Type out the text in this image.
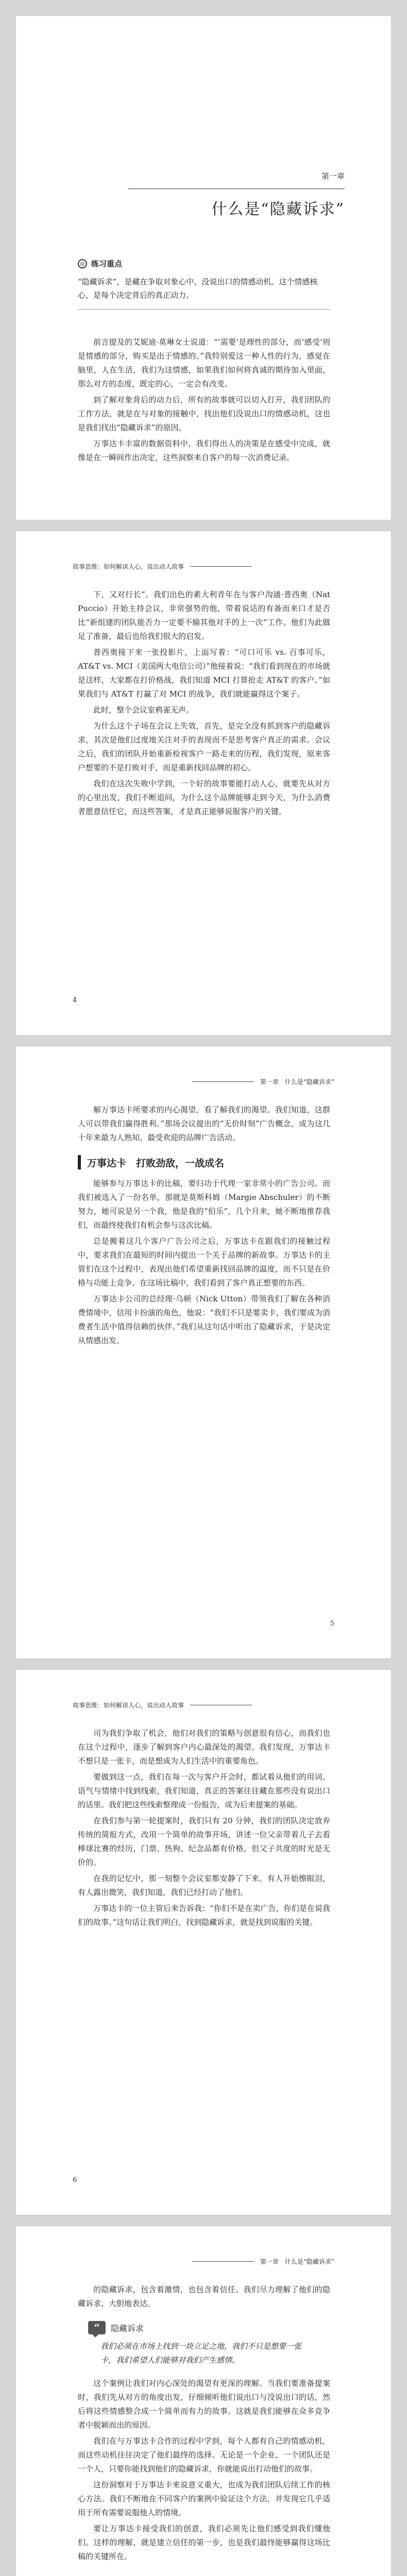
第一章
什么是“隐藏诉求”
◎ 练习重点
“隐藏诉求”，是藏在争取对象心中、没说出口的情感动机。这个情感核心，是每个决定背后的真正动力。

前言提及的艾妮迪·莫琳女士说道：“‘需要’是理性的部分，而‘感受’则是情感的部分，购买是出于情感的。”我特别爱这一种人性的行为，感觉在脑里，人在生活，我们为这情感，如果我们如何将真诚的期待加入里面，那么对方的态度，既定的心，一定会有改变。

到了解对象背后的动力后，所有的故事就可以切入打开，我们团队的工作方法，就是在与对象的接触中，找出他们没说出口的情感动机，这也是我们找出“隐藏诉求”的原因。

万事达卡丰富的数据资料中，我们得出人的决策是在感受中完成，就像是在一瞬间作出决定，这些洞察来自客户的每一次消费记录。

故事思维：如何解读人心，说出动人故事

下，又对行长”。我们出色的素大利青年在与客户沟通·普西奥（Nat Puccio）开始主持会议，非常强势的他，带着说话的有备而来口才是否比“新组建的团队能否力一定要不输其他对手的上一次”工作。他们为此做足了准备，最后也给我们很大的启发。

普西奥接下来一张投影片，上面写着：“可口可乐 vs. 百事可乐，AT&T vs. MCI（美国两大电信公司）”他接着说：“我们看到现在的市场就是这样，大家都在打价格战，我们知道 MCI 打算抢走 AT&T 的客户。”如果我们与 AT&T 打赢了对 MCI 的战争，我们就能赢得这个案子。

此时，整个会议室鸦雀无声。

为什么这个子场在会议上失效，首先，是完全没有抓到客户的隐藏诉求，其次是他们过度地关注对手的表现而不是思考客户真正的需求。会议之后，我们的团队开始重新检视客户一路走来的历程，我们发现，原来客户想要的不是打败对手，而是重新找回品牌的初心。

我们在这次失败中学到，一个好的故事要能打动人心，就要先从对方的心里出发，我们不断追问，为什么这个品牌能够走到今天，为什么消费者愿意信任它，而这些答案，才是真正能够说服客户的关键。

4
第一章 什么是“隐藏诉求”

解万事达卡所要求的内心渴望，看了解我们的渴望。我们知道，这群人可以带我们赢得胜利。”那场会议提出的“无价时刻”广告概念，成为这几十年来最为人熟知、最受欢迎的品牌广告活动。

万事达卡　打败劲敌，一战成名

能够参与万事达卡的比稿，要归功于代理一家非常小的广告公司。而我们被选入了一份名单，那就是莫斯科姆（Margie Abschuler）的不断努力，她可说是另一个我，他是我的“伯乐”，几个月来，她不断地推荐我们，而最终使我们有机会参与这次比稿。

总是搬着这几个客户广告公司之后，万事达卡在跟我们的接触过程中，要求我们在最短的时间内提出一个关于品牌的新故事。万事达卡的主管们在这个过程中，表现出他们希望重新找回品牌的温度，而不只是在价格与功能上竞争。在这场比稿中，我们看到了客户真正想要的东西。

万事达卡公司的总经理·乌顿（Nick Utton）带领我们了解在各种消费情境中，信用卡扮演的角色，他说：“我们不只是要卖卡，我们要成为消费者生活中值得信赖的伙伴。”我们从这句话中听出了隐藏诉求，于是决定从情感出发。

5
故事思维：如何解读人心，说出动人故事

司为我们争取了机会，他们对我们的策略与创意很有信心，而我们也在这个过程中，逐步了解到客户内心最深处的渴望。我们发现，万事达卡不想只是一张卡，而是想成为人们生活中的重要角色。

要做到这一点，我们在每一次与客户开会时，都试着从他们的用词、语气与情绪中找到线索，我们知道，真正的答案往往藏在那些没有说出口的话里。我们把这些线索整理成一份报告，成为后来提案的基础。

在我们参与第一轮提案时，我们只有 20 分钟，我们的团队决定放弃传统的简报方式，改用一个简单的故事开场，讲述一位父亲带着儿子去看棒球比赛的经历，门票、热狗、纪念品都有价格，但父子共度的时光是无价的。

在我的记忆中，那一刻整个会议室都安静了下来。有人开始擦眼泪，有人露出微笑，我们知道，我们已经打动了他们。

万事达卡的一位主管后来告诉我：“你们不是在卖广告，你们是在说我们的故事。”这句话让我们明白，找到隐藏诉求，就是找到说服的关键。

6
第一章 什么是“隐藏诉求”

的隐藏诉求，包含着激情，也包含着信任。我们尽力理解了他们的隐藏诉求，大胆地表达。

“	隐藏诉求
我们必须在市场上找到一块立足之地，我们不只是想要一张卡，我们希望人们能够对我们产生感情。

这个案例让我们对内心深处的渴望有更深的理解。当我们要准备提案时，我们先从对方的角度出发，仔细倾听他们说出口与没说出口的话，然后将这些情感整合成一个简单而有力的故事。这就是我们能够在众多竞争者中脱颖而出的原因。

我们在与万事达卡合作的过程中学到，每个人都有自己的情感动机，而这些动机往往决定了他们最终的选择。无论是一个企业、一个团队还是一个人，只要你能找到他们的隐藏诉求，你就能说出打动他们的故事。

这份洞察对于万事达卡来说意义重大，也成为我们团队后续工作的核心方法。我们不断地在不同客户的案例中验证这个方法，并发现它几乎适用于所有需要说服他人的情境。

要让万事达卡接受我们的创意，我们必须先让他们感受到我们懂他们。这样的理解，就是建立信任的第一步，也是我们最终能够赢得这场比稿的关键所在。
